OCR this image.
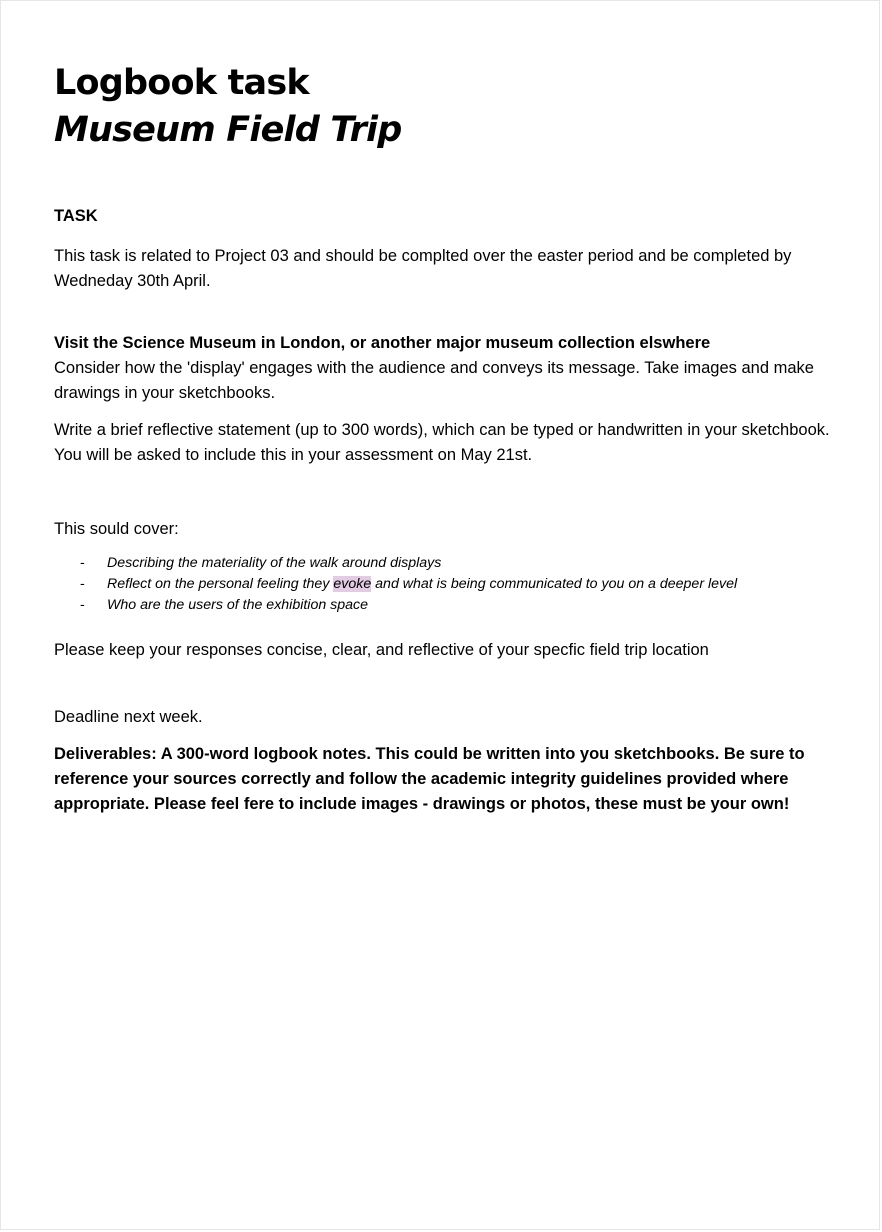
Logbook task
Museum Field Trip
TASK

This task is related to Project 03 and should be complted over the easter period and be completed by Wedneday 30th April.

Visit the Science Museum in London, or another major museum collection elswhere

Consider how the 'display' engages with the audience and conveys its message. Take images and make drawings in your sketchbooks.

Write a brief reflective statement (up to 300 words), which can be typed or handwritten in your sketchbook. You will be asked to include this in your assessment on May 21st.

This sould cover:

- Describing the materiality of the walk around displays
- Reflect on the personal feeling they evoke and what is being communicated to you on a deeper level
- Who are the users of the exhibition space

Please keep your responses concise, clear, and reflective of your specfic field trip location

Deadline next week.

Deliverables: A 300-word logbook notes. This could be written into you sketchbooks. Be sure to reference your sources correctly and follow the academic integrity guidelines provided where appropriate. Please feel fere to include images - drawings or photos, these must be your own!
